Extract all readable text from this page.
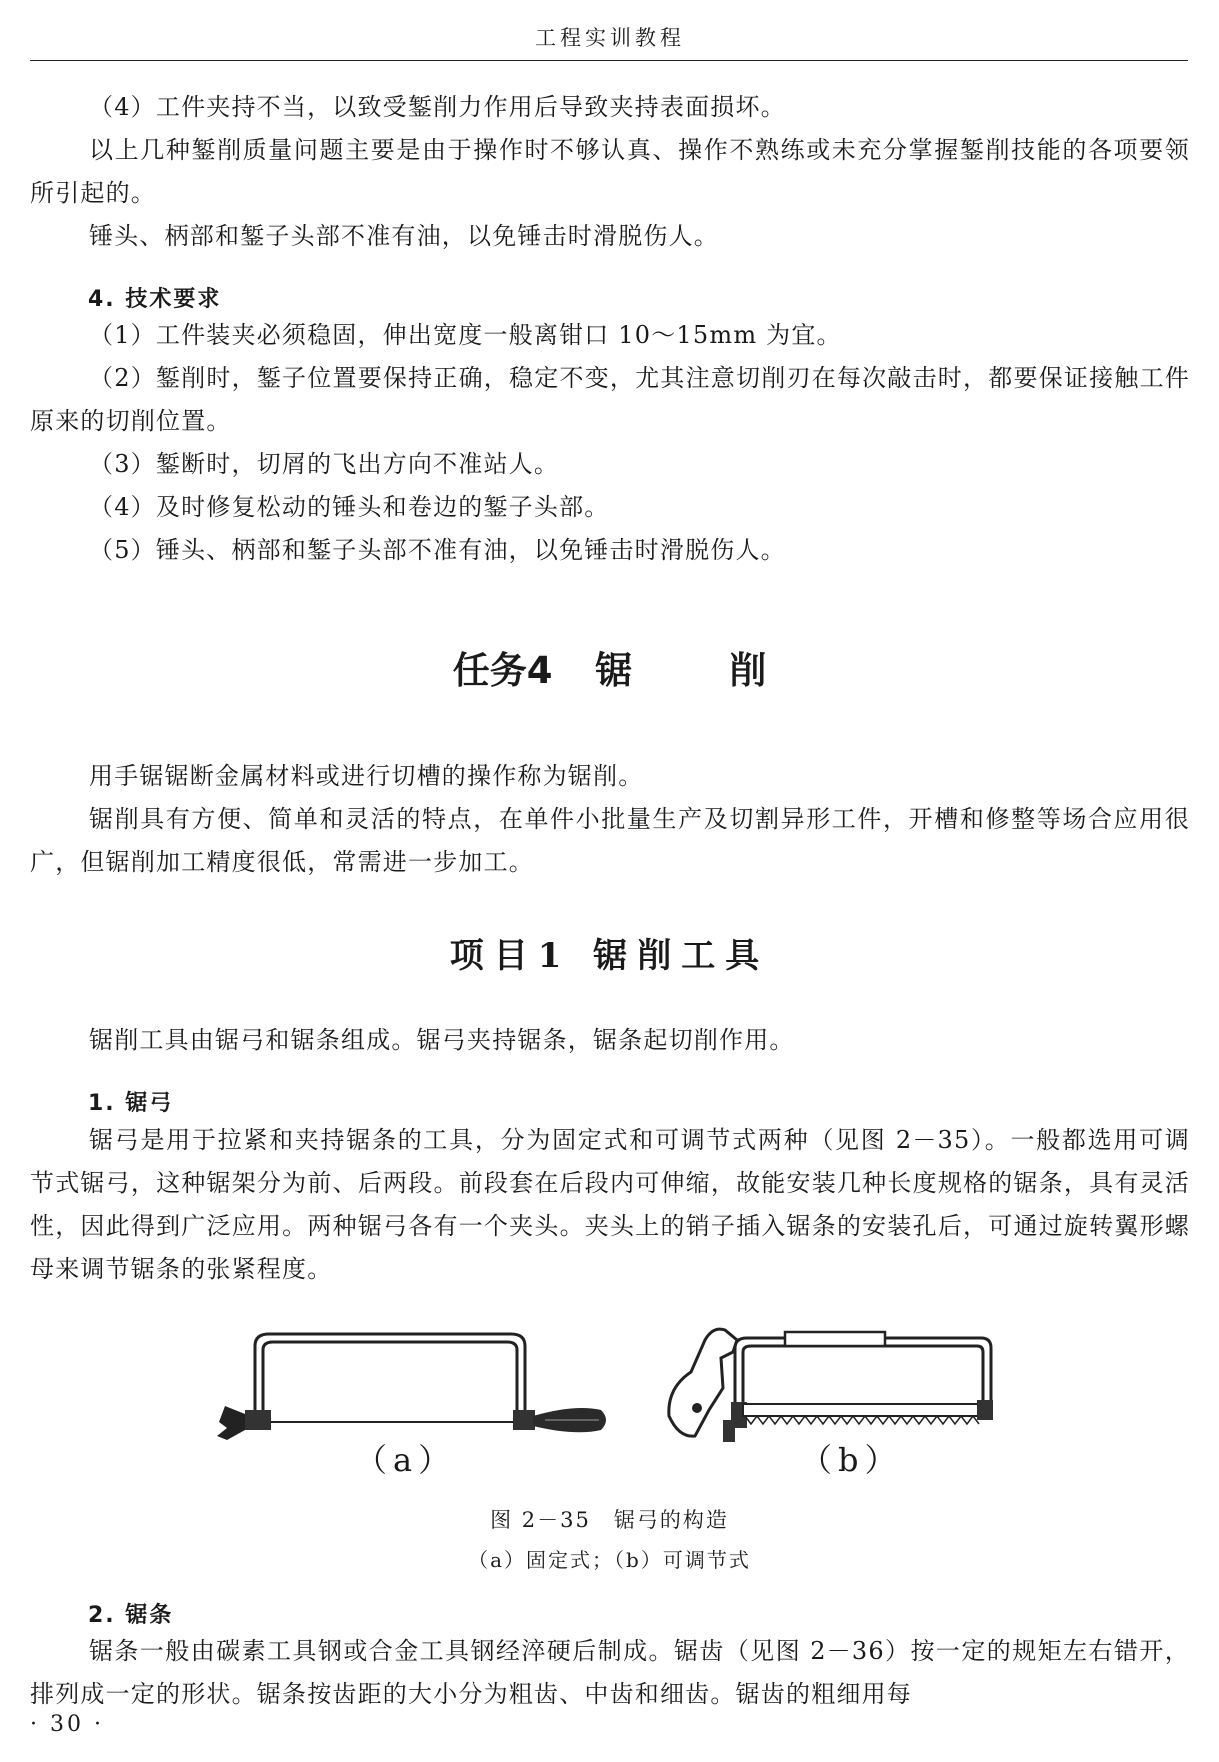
工程实训教程

（4）工件夹持不当，以致受錾削力作用后导致夹持表面损坏。

以上几种錾削质量问题主要是由于操作时不够认真、操作不熟练或未充分掌握錾削技能的各项要领所引起的。

锤头、柄部和錾子头部不准有油，以免锤击时滑脱伤人。

4. 技术要求

（1）工件装夹必须稳固，伸出宽度一般离钳口 10～15mm 为宜。

（2）錾削时，錾子位置要保持正确，稳定不变，尤其注意切削刃在每次敲击时，都要保证接触工件原来的切削位置。

（3）錾断时，切屑的飞出方向不准站人。

（4）及时修复松动的锤头和卷边的錾子头部。

（5）锤头、柄部和錾子头部不准有油，以免锤击时滑脱伤人。

任务4 锯	削

用手锯锯断金属材料或进行切槽的操作称为锯削。

锯削具有方便、简单和灵活的特点，在单件小批量生产及切割异形工件，开槽和修整等场合应用很广，但锯削加工精度很低，常需进一步加工。

项目1 锯削工具

锯削工具由锯弓和锯条组成。锯弓夹持锯条，锯条起切削作用。

1. 锯弓

锯弓是用于拉紧和夹持锯条的工具，分为固定式和可调节式两种（见图 2－35）。一般都选用可调节式锯弓，这种锯架分为前、后两段。前段套在后段内可伸缩，故能安装几种长度规格的锯条，具有灵活性，因此得到广泛应用。两种锯弓各有一个夹头。夹头上的销子插入锯条的安装孔后，可通过旋转翼形螺母来调节锯条的张紧程度。

（a）	（b）
图 2－35　锯弓的构造
（a）固定式；（b）可调节式
2. 锯条

锯条一般由碳素工具钢或合金工具钢经淬硬后制成。锯齿（见图 2－36）按一定的规矩左右错开，排列成一定的形状。锯条按齿距的大小分为粗齿、中齿和细齿。锯齿的粗细用每

· 30 ·
